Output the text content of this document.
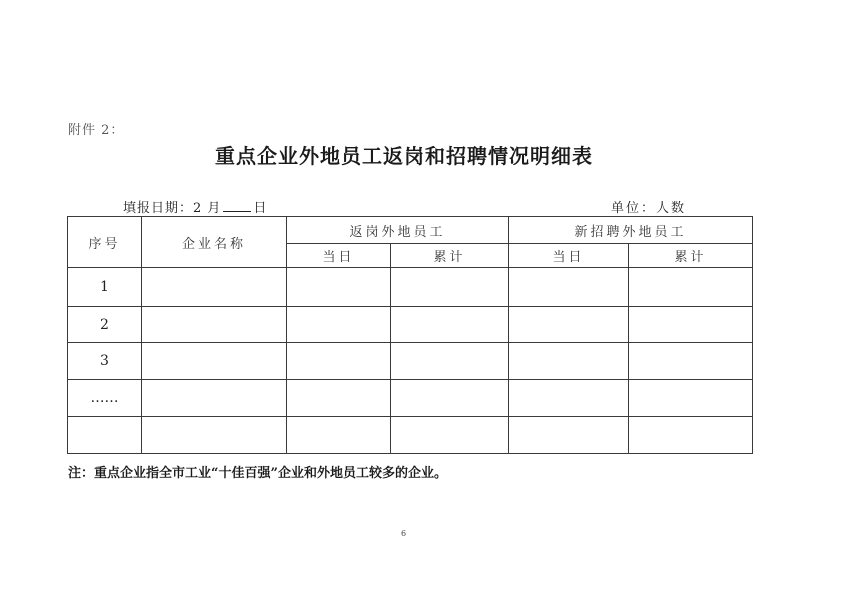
附件 2：
重点企业外地员工返岗和招聘情况明细表
填报日期：2 月 日	单位：人数
序号	企业名称	返岗外地员工		新招聘外地员工	
		当日	累计	当日	累计
1					
2					
3					
……					

注：重点企业指全市工业“十佳百强”企业和外地员工较多的企业。
6
